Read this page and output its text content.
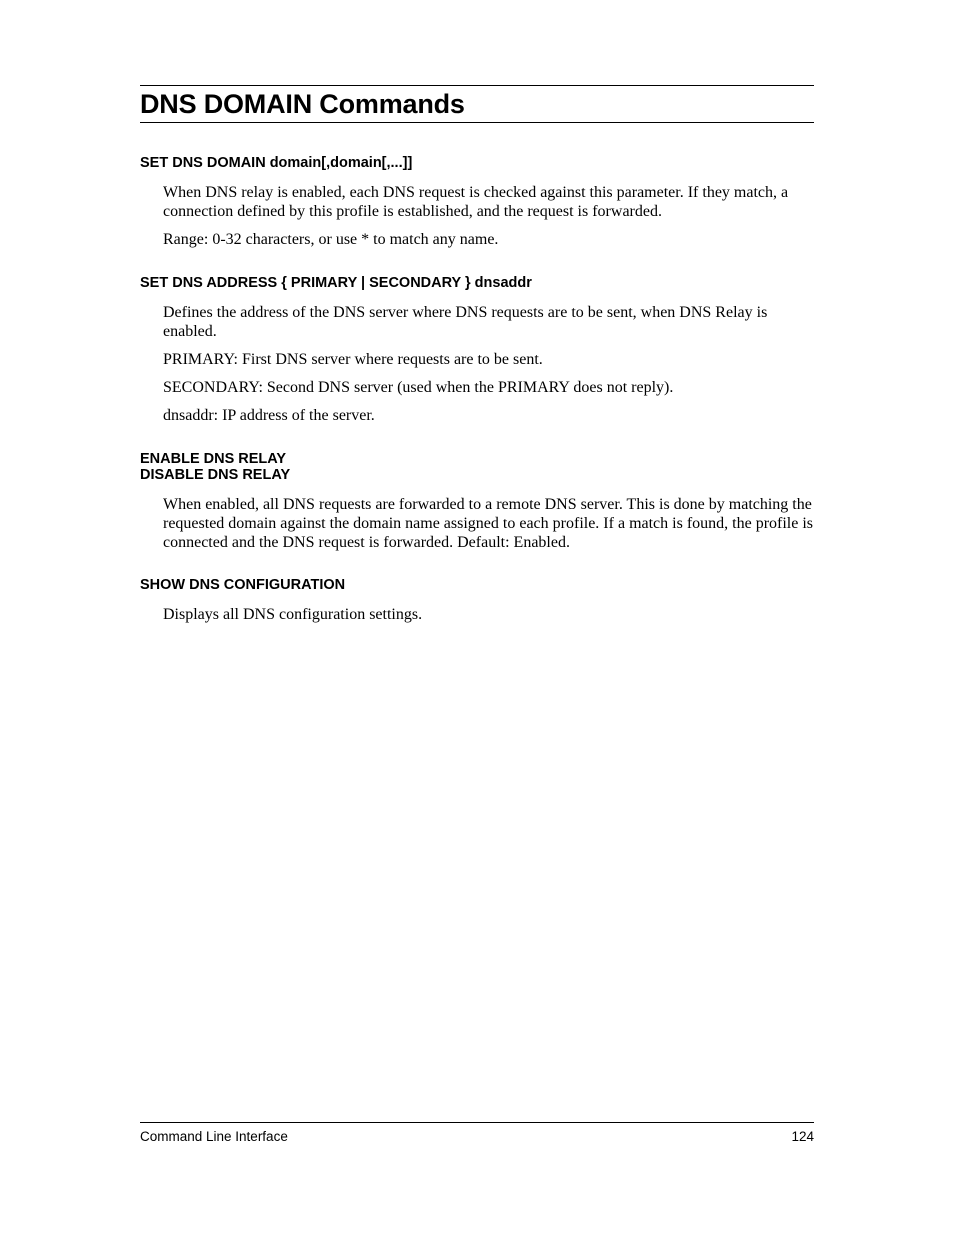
DNS DOMAIN Commands
SET DNS DOMAIN domain[,domain[,...]]

When DNS relay is enabled, each DNS request is checked against this parameter. If they match, a connection defined by this profile is established, and the request is forwarded.

Range: 0-32 characters, or use * to match any name.

SET DNS ADDRESS { PRIMARY | SECONDARY } dnsaddr

Defines the address of the DNS server where DNS requests are to be sent, when DNS Relay is enabled.

PRIMARY: First DNS server where requests are to be sent.

SECONDARY: Second DNS server (used when the PRIMARY does not reply).

dnsaddr: IP address of the server.

ENABLE DNS RELAY
DISABLE DNS RELAY

When enabled, all DNS requests are forwarded to a remote DNS server. This is done by matching the requested domain against the domain name assigned to each profile. If a match is found, the profile is connected and the DNS request is forwarded. Default: Enabled.

SHOW DNS CONFIGURATION

Displays all DNS configuration settings.

Command Line Interface	124
